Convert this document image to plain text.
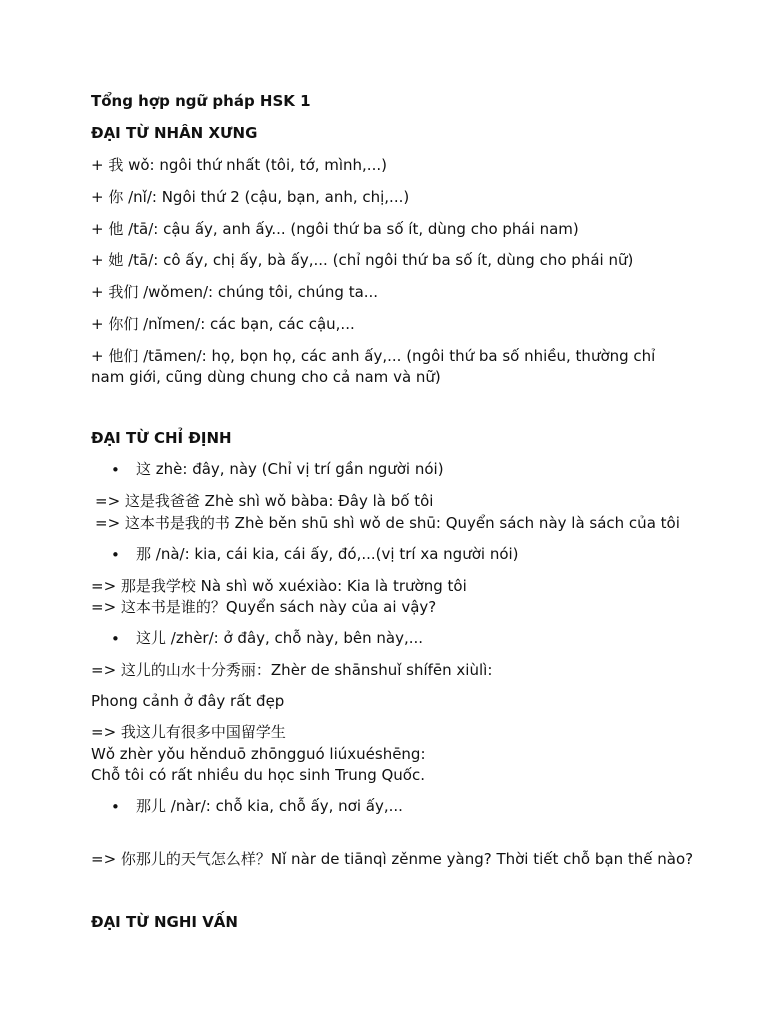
Tổng hợp ngữ pháp HSK 1
ĐẠI TỪ NHÂN XƯNG
+ 我 wǒ: ngôi thứ nhất (tôi, tớ, mình,...)
+ 你 /nǐ/: Ngôi thứ 2 (cậu, bạn, anh, chị,...)
+ 他 /tā/: cậu ấy, anh ấy... (ngôi thứ ba số ít, dùng cho phái nam)
+ 她 /tā/: cô ấy, chị ấy, bà ấy,... (chỉ ngôi thứ ba số ít, dùng cho phái nữ)
+ 我们 /wǒmen/: chúng tôi, chúng ta...
+ 你们 /nǐmen/: các bạn, các cậu,...
+ 他们 /tāmen/: họ, bọn họ, các anh ấy,... (ngôi thứ ba số nhiều, thường chỉ
nam giới, cũng dùng chung cho cả nam và nữ)
ĐẠI TỪ CHỈ ĐỊNH
• 这 zhè: đây, này (Chỉ vị trí gần người nói)
=> 这是我爸爸 Zhè shì wǒ bàba: Đây là bố tôi
=> 这本书是我的书 Zhè běn shū shì wǒ de shū: Quyển sách này là sách của tôi
• 那 /nà/: kia, cái kia, cái ấy, đó,...(vị trí xa người nói)
=> 那是我学校 Nà shì wǒ xuéxiào: Kia là trường tôi
=> 这本书是谁的？Quyển sách này của ai vậy?
• 这儿 /zhèr/: ở đây, chỗ này, bên này,...
=> 这儿的山水十分秀丽：Zhèr de shānshuǐ shífēn xiùlì:
Phong cảnh ở đây rất đẹp
=> 我这儿有很多中国留学生
Wǒ zhèr yǒu hěnduō zhōngguó liúxuéshēng:
Chỗ tôi có rất nhiều du học sinh Trung Quốc.
• 那儿 /nàr/: chỗ kia, chỗ ấy, nơi ấy,...
=> 你那儿的天气怎么样？Nǐ nàr de tiānqì zěnme yàng? Thời tiết chỗ bạn thế nào?
ĐẠI TỪ NGHI VẤN
